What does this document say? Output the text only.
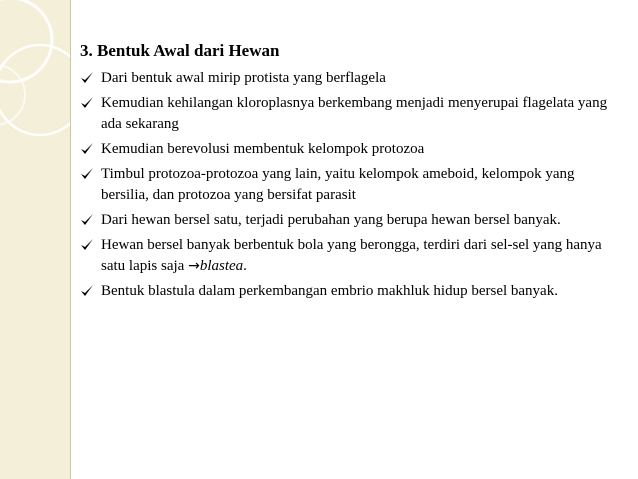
3. Bentuk Awal dari Hewan
Dari bentuk awal mirip protista yang berflagela
Kemudian kehilangan kloroplasnya berkembang menjadi menyerupai flagelata yang ada sekarang
Kemudian berevolusi membentuk kelompok protozoa
Timbul protozoa-protozoa yang lain, yaitu kelompok ameboid, kelompok yang bersilia, dan protozoa yang bersifat parasit
Dari hewan bersel satu, terjadi perubahan yang berupa hewan bersel banyak.
Hewan bersel banyak berbentuk bola yang berongga, terdiri dari sel-sel yang hanya satu lapis saja →blastea.
Bentuk blastula dalam perkembangan embrio makhluk hidup bersel banyak.
